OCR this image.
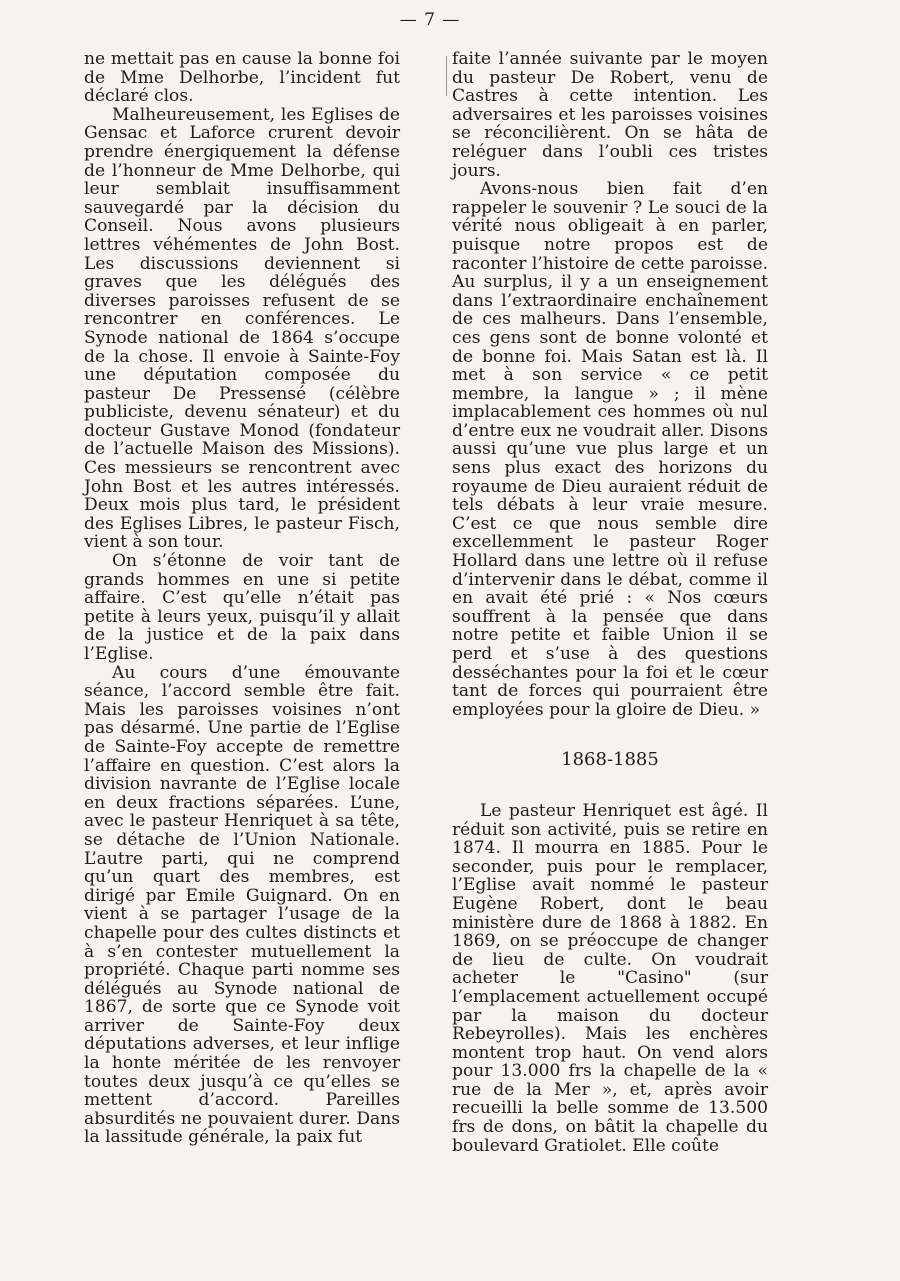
— 7 —

ne mettait pas en cause la bonne foi de Mme Delhorbe, l’incident fut déclaré clos.

Malheureusement, les Eglises de Gensac et Laforce crurent devoir prendre énergiquement la défense de l’honneur de Mme Delhorbe, qui leur semblait insuffisamment sauvegardé par la décision du Conseil. Nous avons plusieurs lettres véhémentes de John Bost. Les discussions deviennent si graves que les délégués des diverses paroisses refusent de se rencontrer en conférences. Le Synode national de 1864 s’occupe de la chose. Il envoie à Sainte-Foy une députation composée du pasteur De Pressensé (célèbre publiciste, devenu sénateur) et du docteur Gustave Monod (fondateur de l’actuelle Maison des Missions). Ces messieurs se rencontrent avec John Bost et les autres intéressés. Deux mois plus tard, le président des Eglises Libres, le pasteur Fisch, vient à son tour.

On s’étonne de voir tant de grands hommes en une si petite affaire. C’est qu’elle n’était pas petite à leurs yeux, puisqu’il y allait de la justice et de la paix dans l’Eglise.

Au cours d’une émouvante séance, l’accord semble être fait. Mais les paroisses voisines n’ont pas désarmé. Une partie de l’Eglise de Sainte-Foy accepte de remettre l’affaire en question. C’est alors la division navrante de l’Eglise locale en deux fractions séparées. L’une, avec le pasteur Henriquet à sa tête, se détache de l’Union Nationale. L’autre parti, qui ne comprend qu’un quart des membres, est dirigé par Emile Guignard. On en vient à se partager l’usage de la chapelle pour des cultes distincts et à s’en contester mutuellement la propriété. Chaque parti nomme ses délégués au Synode national de 1867, de sorte que ce Synode voit arriver de Sainte-Foy deux députations adverses, et leur inflige la honte méritée de les renvoyer toutes deux jusqu’à ce qu’elles se mettent d’accord. Pareilles absurdités ne pouvaient durer. Dans la lassitude générale, la paix fut

faite l’année suivante par le moyen du pasteur De Robert, venu de Castres à cette intention. Les adversaires et les paroisses voisines se réconcilièrent. On se hâta de reléguer dans l’oubli ces tristes jours.

Avons-nous bien fait d’en rappeler le souvenir ? Le souci de la vérité nous obligeait à en parler, puisque notre propos est de raconter l’histoire de cette paroisse. Au surplus, il y a un enseignement dans l’extraordinaire enchaînement de ces malheurs. Dans l’ensemble, ces gens sont de bonne volonté et de bonne foi. Mais Satan est là. Il met à son service « ce petit membre, la langue » ; il mène implacablement ces hommes où nul d’entre eux ne voudrait aller. Disons aussi qu’une vue plus large et un sens plus exact des horizons du royaume de Dieu auraient réduit de tels débats à leur vraie mesure. C’est ce que nous semble dire excellemment le pasteur Roger Hollard dans une lettre où il refuse d’intervenir dans le débat, comme il en avait été prié : « Nos cœurs souffrent à la pensée que dans notre petite et faible Union il se perd et s’use à des questions desséchantes pour la foi et le cœur tant de forces qui pourraient être employées pour la gloire de Dieu. »

1868-1885

Le pasteur Henriquet est âgé. Il réduit son activité, puis se retire en 1874. Il mourra en 1885. Pour le seconder, puis pour le remplacer, l’Eglise avait nommé le pasteur Eugène Robert, dont le beau ministère dure de 1868 à 1882. En 1869, on se préoccupe de changer de lieu de culte. On voudrait acheter le "Casino" (sur l’emplacement actuellement occupé par la maison du docteur Rebeyrolles). Mais les enchères montent trop haut. On vend alors pour 13.000 frs la chapelle de la « rue de la Mer », et, après avoir recueilli la belle somme de 13.500 frs de dons, on bâtit la chapelle du boulevard Gratiolet. Elle coûte
